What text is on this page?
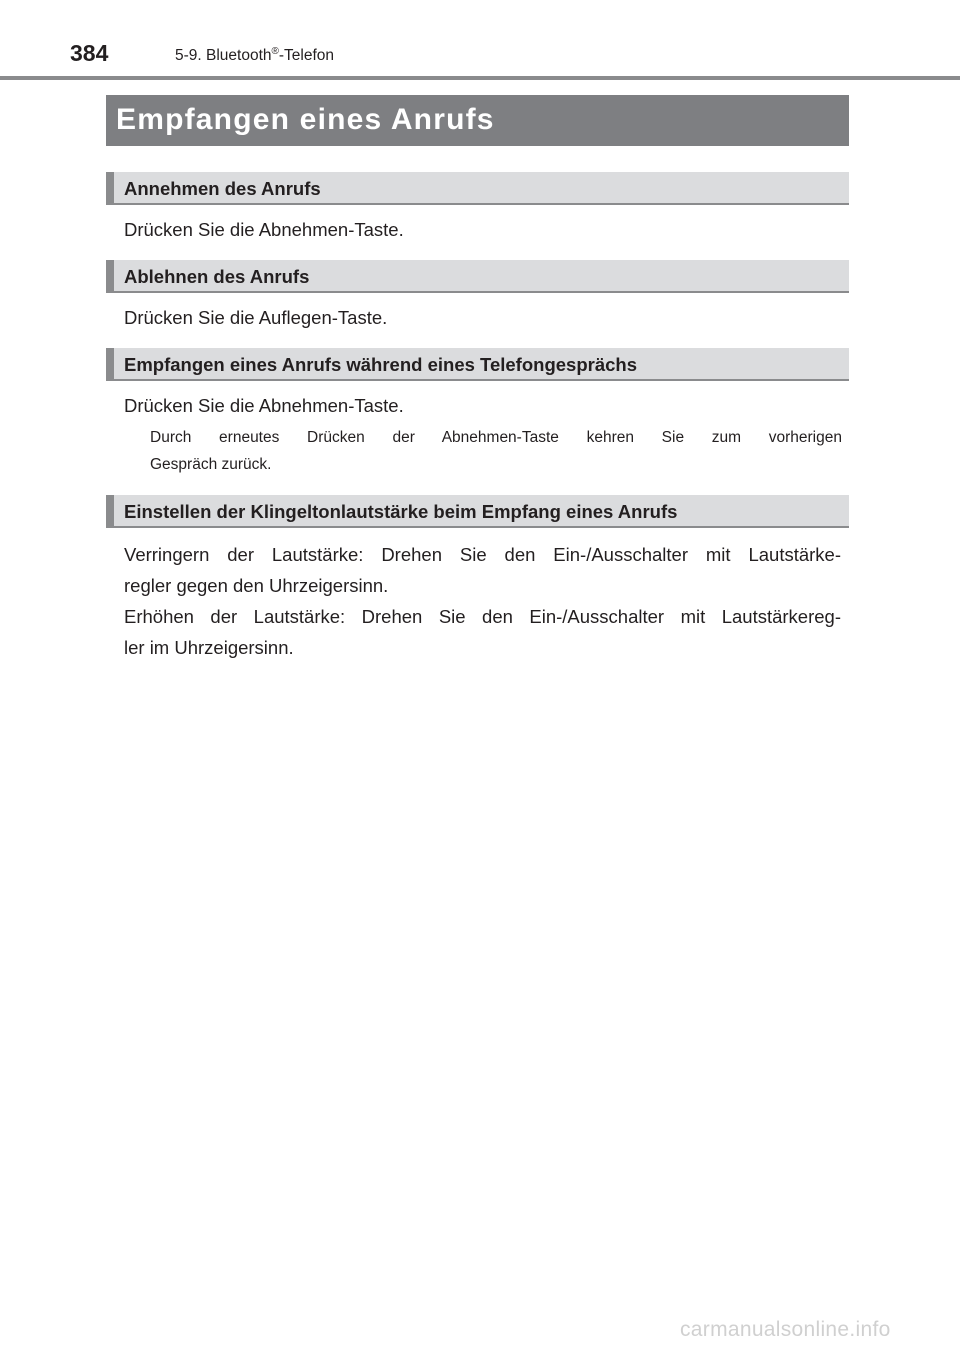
384	5-9. Bluetooth®-Telefon
Empfangen eines Anrufs
Annehmen des Anrufs
Drücken Sie die Abnehmen-Taste.
Ablehnen des Anrufs
Drücken Sie die Auflegen-Taste.
Empfangen eines Anrufs während eines Telefongesprächs
Drücken Sie die Abnehmen-Taste.
Durch erneutes Drücken der Abnehmen-Taste kehren Sie zum vorherigen
Gespräch zurück.
Einstellen der Klingeltonlautstärke beim Empfang eines Anrufs
Verringern der Lautstärke: Drehen Sie den Ein-/Ausschalter mit Lautstärke-
regler gegen den Uhrzeigersinn.
Erhöhen der Lautstärke: Drehen Sie den Ein-/Ausschalter mit Lautstärkereg-
ler im Uhrzeigersinn.
carmanualsonline.info
